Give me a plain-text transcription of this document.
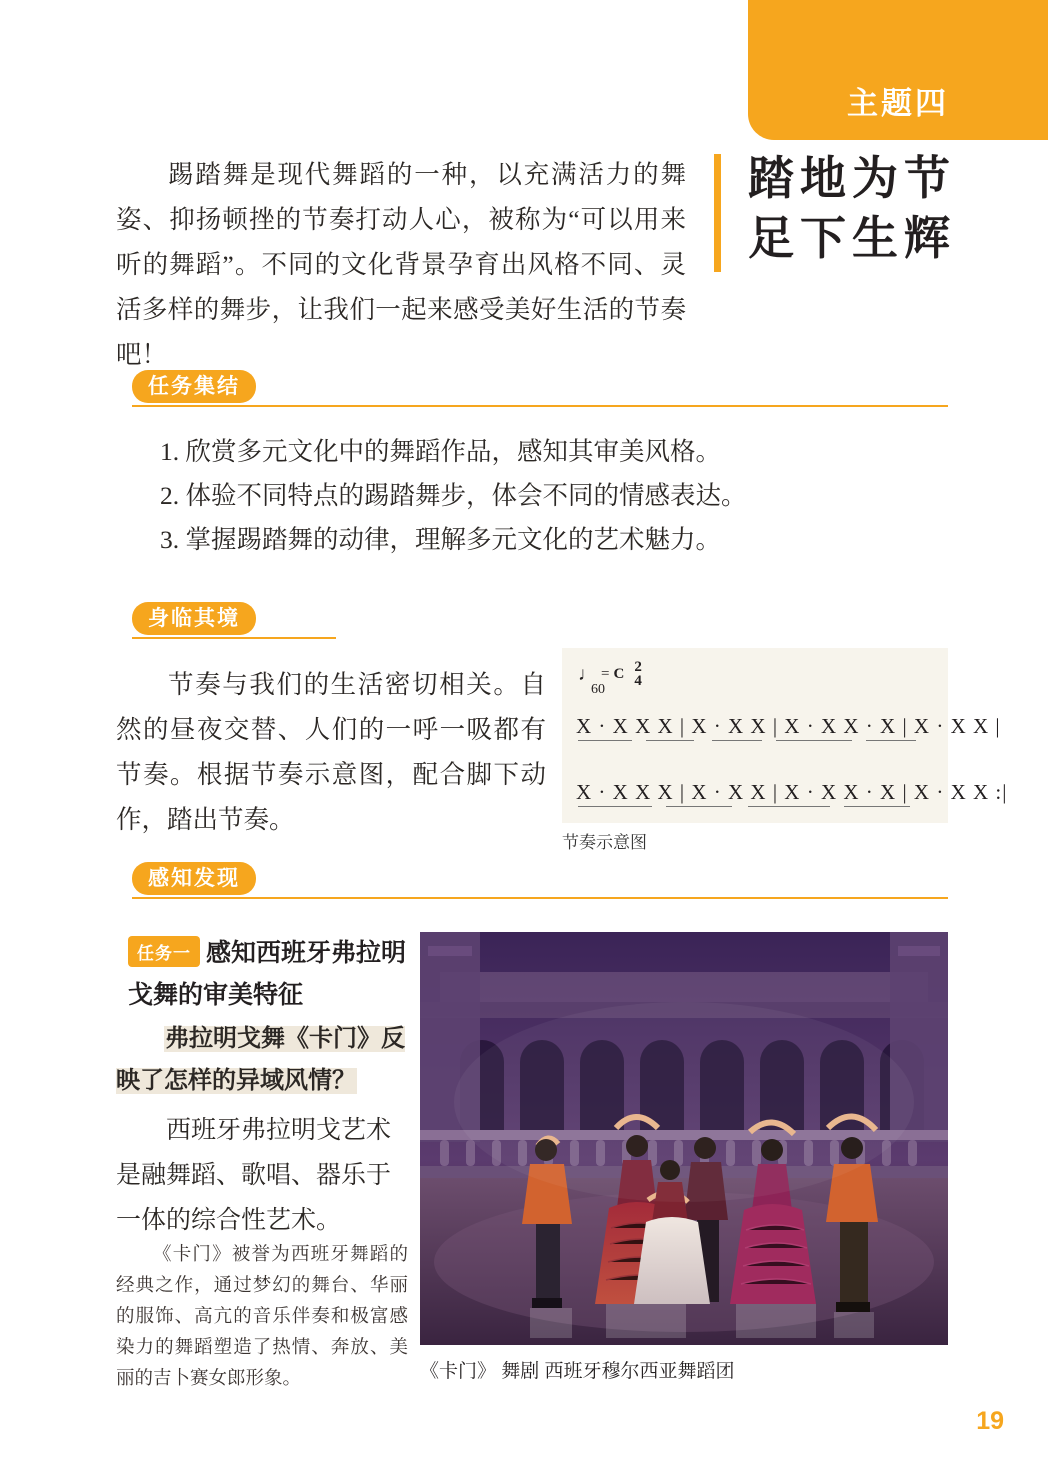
主题四
踏地为节
足下生辉
踢踏舞是现代舞蹈的一种，以充满活力的舞姿、抑扬顿挫的节奏打动人心，被称为“可以用来听的舞蹈”。不同的文化背景孕育出风格不同、灵活多样的舞步，让我们一起来感受美好生活的节奏吧！
任务集结
1. 欣赏多元文化中的舞蹈作品，感知其审美风格。
2. 体验不同特点的踢踏舞步，体会不同的情感表达。
3. 掌握踢踏舞的动律，理解多元文化的艺术魅力。
身临其境
节奏与我们的生活密切相关。自然的昼夜交替、人们的一呼一吸都有节奏。根据节奏示意图，配合脚下动作，踏出节奏。
♩ = C 2
4
60
X · X X X | X · X X | X · X X · X | X · X X |
X · X X X | X · X X | X · X X · X | X · X X :|
节奏示意图
感知发现
感知西班牙弗拉明戈舞的审美特征
任务一
弗拉明戈舞《卡门》反映了怎样的异域风情？
西班牙弗拉明戈艺术是融舞蹈、歌唱、器乐于一体的综合性艺术。
《卡门》被誉为西班牙舞蹈的经典之作，通过梦幻的舞台、华丽的服饰、高亢的音乐伴奏和极富感染力的舞蹈塑造了热情、奔放、美丽的吉卜赛女郎形象。	《卡门》 舞剧 西班牙穆尔西亚舞蹈团
19
